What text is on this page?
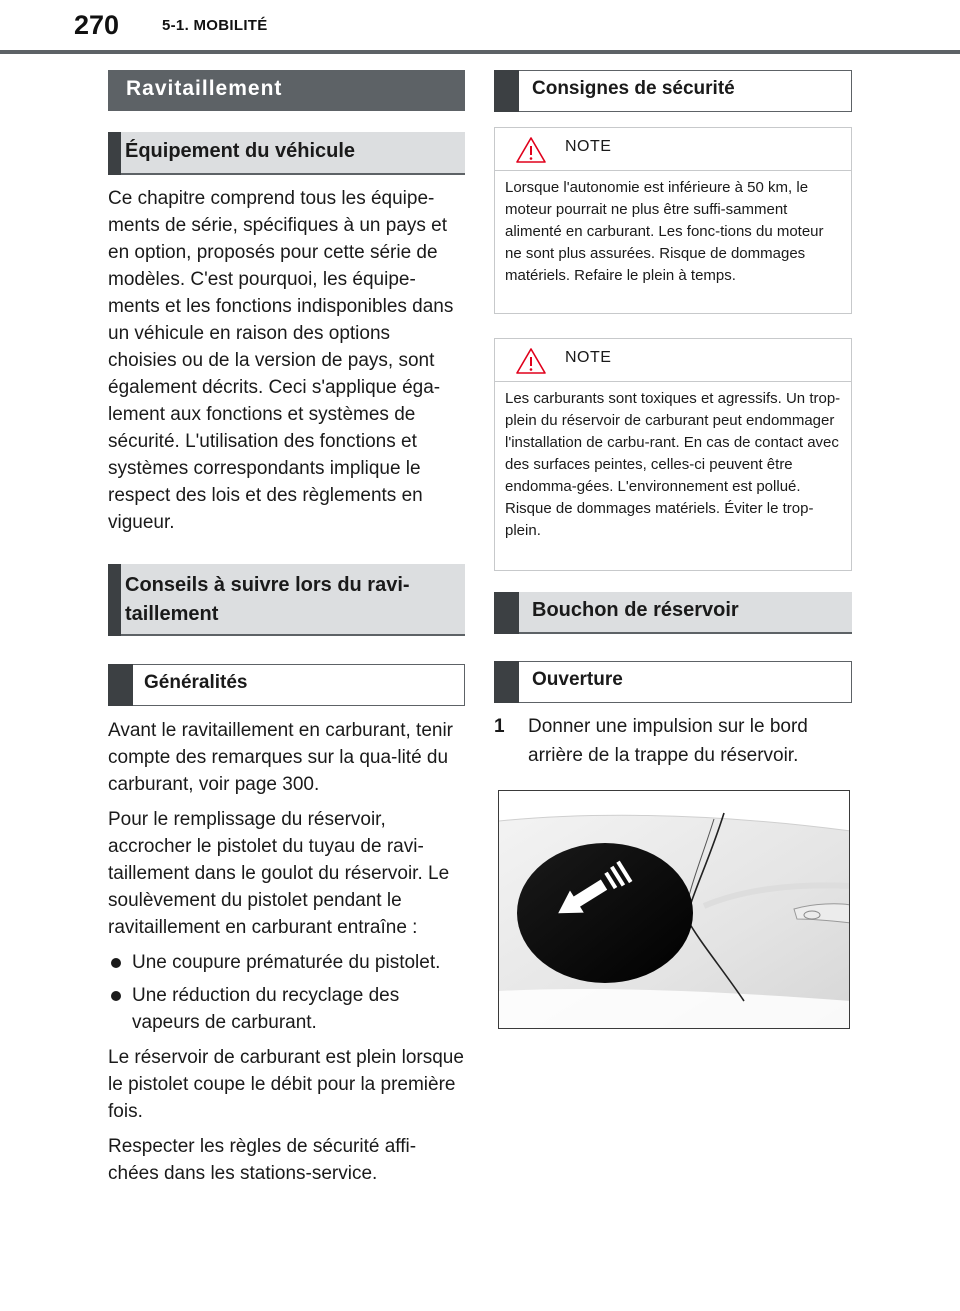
270	5-1. MOBILITÉ
Ravitaillement
Équipement du véhicule

Ce chapitre comprend tous les équipe-ments de série, spécifiques à un pays et en option, proposés pour cette série de modèles. C'est pourquoi, les équipe-ments et les fonctions indisponibles dans un véhicule en raison des options choisies ou de la version de pays, sont également décrits. Ceci s'applique éga-lement aux fonctions et systèmes de sécurité. L'utilisation des fonctions et systèmes correspondants implique le respect des lois et des règlements en vigueur.

Conseils à suivre lors du ravi-taillement
Généralités

Avant le ravitaillement en carburant, tenir compte des remarques sur la qua-lité du carburant, voir page 300.

Pour le remplissage du réservoir, accrocher le pistolet du tuyau de ravi-taillement dans le goulot du réservoir. Le soulèvement du pistolet pendant le ravitaillement en carburant entraîne :

Une coupure prématurée du pistolet.
Une réduction du recyclage des vapeurs de carburant.

Le réservoir de carburant est plein lorsque le pistolet coupe le débit pour la première fois.

Respecter les règles de sécurité affi-chées dans les stations-service.

Consignes de sécurité
NOTE
Lorsque l'autonomie est inférieure à 50 km, le moteur pourrait ne plus être suffi-samment alimenté en carburant. Les fonc-tions du moteur ne sont plus assurées. Risque de dommages matériels. Refaire le plein à temps.
NOTE
Les carburants sont toxiques et agressifs. Un trop-plein du réservoir de carburant peut endommager l'installation de carbu-rant. En cas de contact avec des surfaces peintes, celles-ci peuvent être endomma-gées. L'environnement est pollué. Risque de dommages matériels. Éviter le trop-plein.
Bouchon de réservoir
Ouverture
1 Donner une impulsion sur le bord arrière de la trappe du réservoir.
